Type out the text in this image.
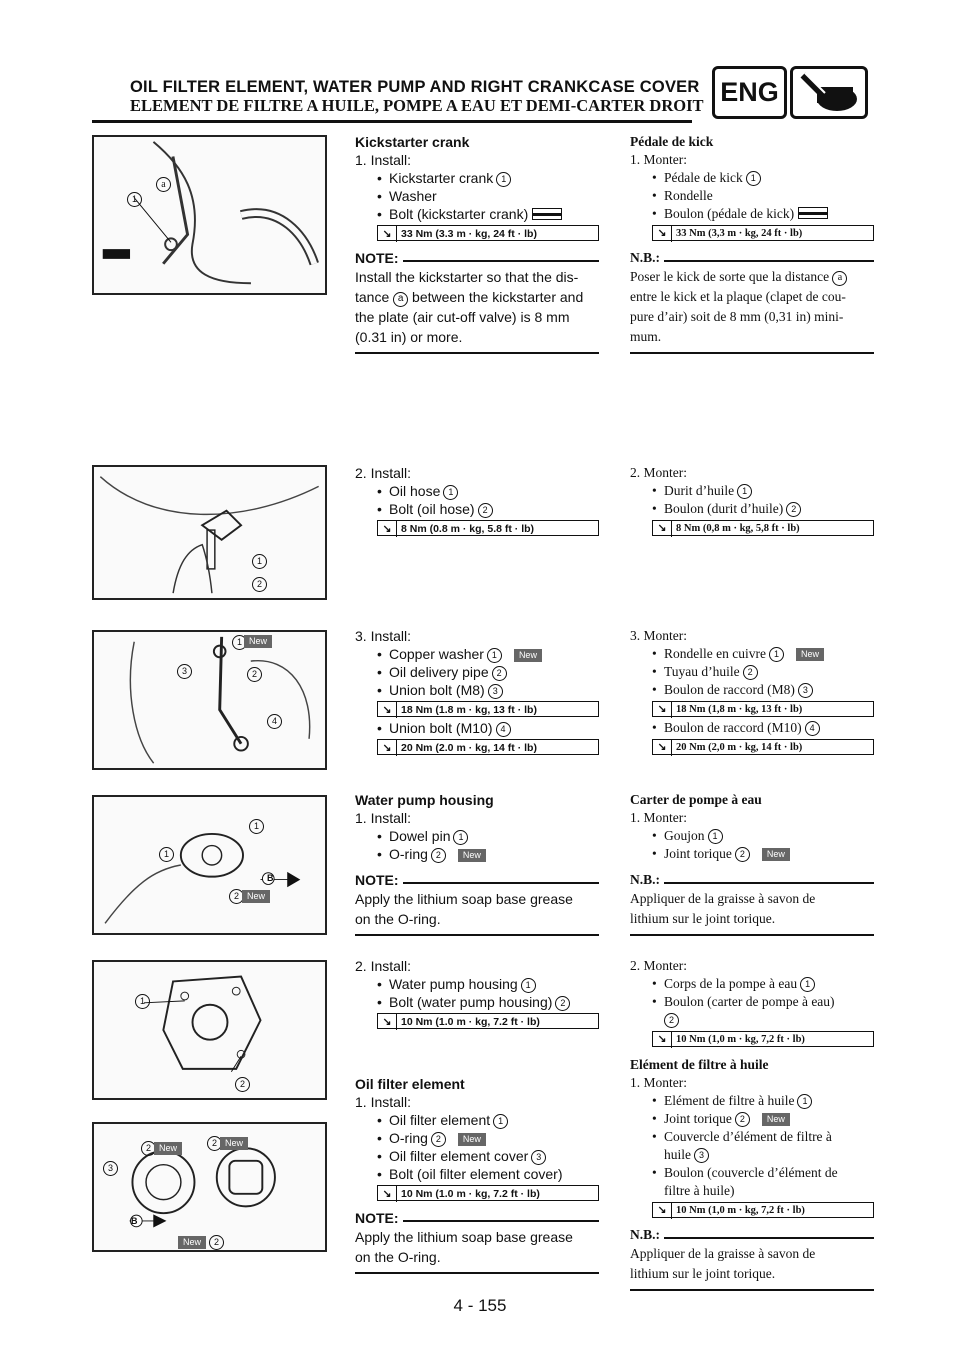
OIL FILTER ELEMENT, WATER PUMP AND RIGHT CRANKCASE COVER
ELEMENT DE FILTRE A HUILE, POMPE A EAU ET DEMI-CARTER DROIT ENG
1
a
1
2
1 New
3	2
4
1
1
2 New
B
1
2
2 New	2 New
3
New	2
B
Kickstarter crank
1. Install:
• Kickstarter crank 1
• Washer
• Bolt (kickstarter crank)
↘ 33 Nm (3.3 m · kg, 24 ft · lb)
NOTE:
Install the kickstarter so that the dis-
tance a between the kickstarter and
the plate (air cut-off valve) is 8 mm
(0.31 in) or more.
2. Install:
• Oil hose 1
• Bolt (oil hose) 2
↘ 8 Nm (0.8 m · kg, 5.8 ft · lb)
3. Install:
• Copper washer 1 New
• Oil delivery pipe 2
• Union bolt (M8) 3
↘ 18 Nm (1.8 m · kg, 13 ft · lb)
• Union bolt (M10) 4
↘ 20 Nm (2.0 m · kg, 14 ft · lb)
Water pump housing
1. Install:
• Dowel pin 1
• O-ring 2 New
NOTE:
Apply the lithium soap base grease
on the O-ring.
2. Install:
• Water pump housing 1
• Bolt (water pump housing) 2
↘ 10 Nm (1.0 m · kg, 7.2 ft · lb)
Oil filter element
1. Install:
• Oil filter element 1
• O-ring 2 New
• Oil filter element cover 3
• Bolt (oil filter element cover)
↘ 10 Nm (1.0 m · kg, 7.2 ft · lb)
NOTE:
Apply the lithium soap base grease
on the O-ring.
Pédale de kick
1. Monter:
• Pédale de kick 1
• Rondelle
• Boulon (pédale de kick)
↘ 33 Nm (3,3 m · kg, 24 ft · lb)
N.B.:
Poser le kick de sorte que la distance a
entre le kick et la plaque (clapet de cou-
pure d’air) soit de 8 mm (0,31 in) mini-
mum.
2. Monter:
• Durit d’huile 1
• Boulon (durit d’huile) 2
↘ 8 Nm (0,8 m · kg, 5,8 ft · lb)
3. Monter:
• Rondelle en cuivre 1 New
• Tuyau d’huile 2
• Boulon de raccord (M8) 3
↘ 18 Nm (1,8 m · kg, 13 ft · lb)
• Boulon de raccord (M10) 4
↘ 20 Nm (2,0 m · kg, 14 ft · lb)
Carter de pompe à eau
1. Monter:
• Goujon 1
• Joint torique 2 New
N.B.:
Appliquer de la graisse à savon de
lithium sur le joint torique.
2. Monter:
• Corps de la pompe à eau 1
• Boulon (carter de pompe à eau)
2
↘ 10 Nm (1,0 m · kg, 7,2 ft · lb)
Elément de filtre à huile
1. Monter:
• Elément de filtre à huile 1
• Joint torique 2 New
• Couvercle d’élément de filtre à
huile 3
• Boulon (couvercle d’élément de
filtre à huile)
↘ 10 Nm (1,0 m · kg, 7,2 ft · lb)
N.B.:
Appliquer de la graisse à savon de
lithium sur le joint torique.
4 - 155
